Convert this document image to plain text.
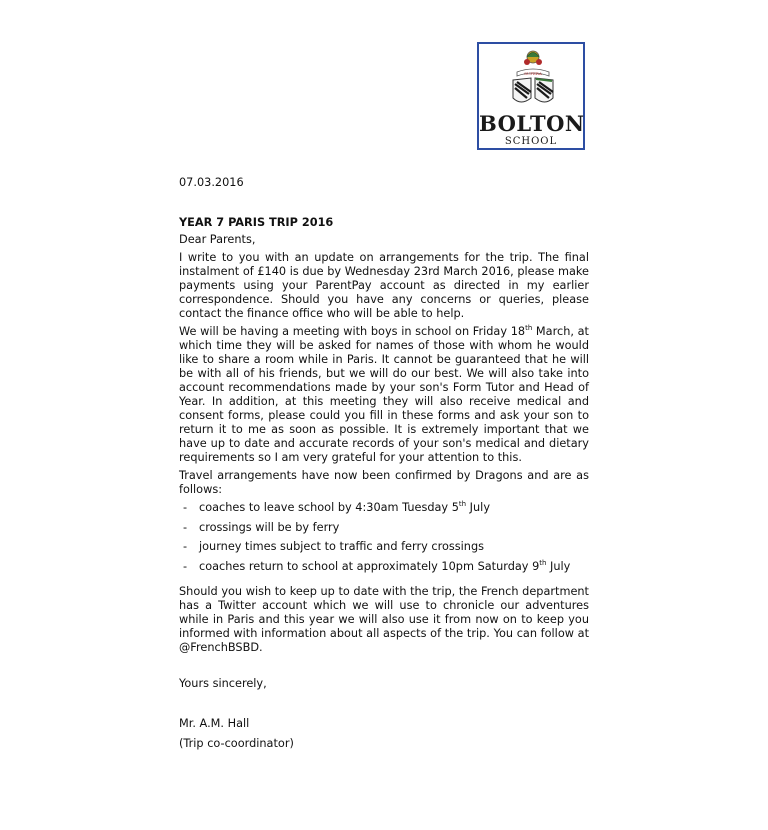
SUPERA
BOLTON
SCHOOL

07.03.2016

YEAR 7 PARIS TRIP 2016

Dear Parents,

I write to you with an update on arrangements for the trip. The final instalment of £140 is due by Wednesday 23rd March 2016, please make payments using your ParentPay account as directed in my earlier correspondence. Should you have any concerns or queries, please contact the finance office who will be able to help.

We will be having a meeting with boys in school on Friday 18th March, at which time they will be asked for names of those with whom he would like to share a room while in Paris. It cannot be guaranteed that he will be with all of his friends, but we will do our best. We will also take into account recommendations made by your son's Form Tutor and Head of Year. In addition, at this meeting they will also receive medical and consent forms, please could you fill in these forms and ask your son to return it to me as soon as possible. It is extremely important that we have up to date and accurate records of your son's medical and dietary requirements so I am very grateful for your attention to this.

Travel arrangements have now been confirmed by Dragons and are as follows:

- coaches to leave school by 4:30am Tuesday 5th July
- crossings will be by ferry
- journey times subject to traffic and ferry crossings
- coaches return to school at approximately 10pm Saturday 9th July

Should you wish to keep up to date with the trip, the French department has a Twitter account which we will use to chronicle our adventures while in Paris and this year we will also use it from now on to keep you informed with information about all aspects of the trip. You can follow at @FrenchBSBD.

Yours sincerely,

Mr. A.M. Hall

(Trip co-coordinator)
